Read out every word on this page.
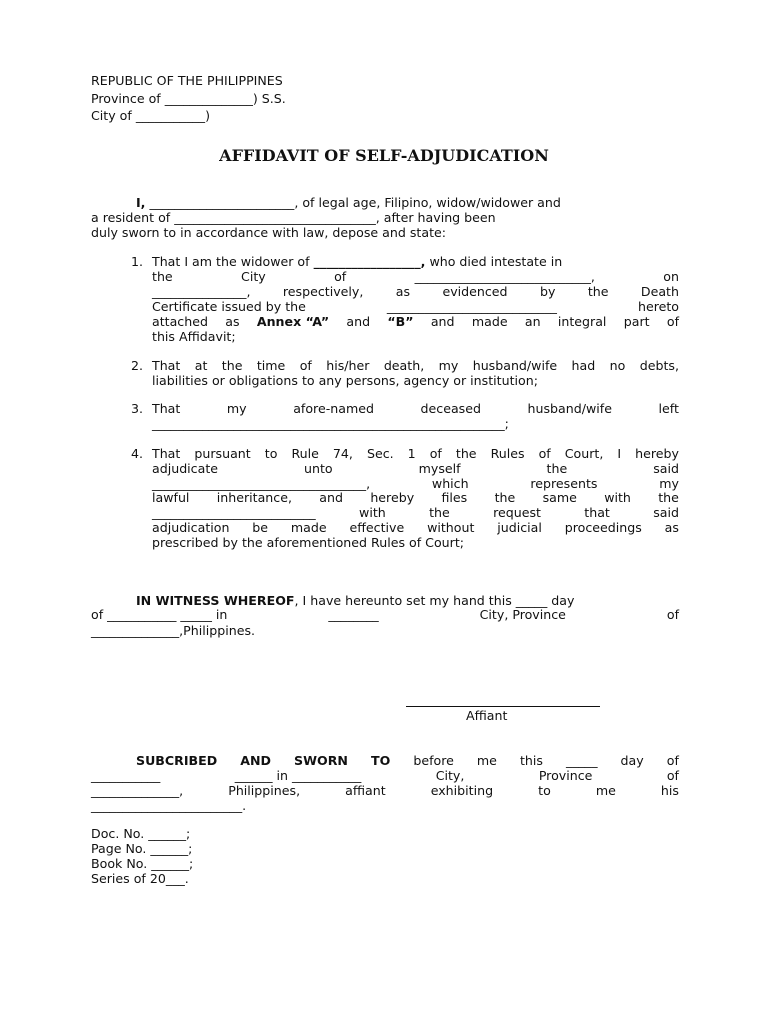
REPUBLIC OF THE PHILIPPINES
Province of ______________) S.S.
City of ___________)
AFFIDAVIT OF SELF-ADJUDICATION
I, _______________________, of legal age, Filipino, widow/widower and
a resident of ________________________________, after having been
duly sworn to in accordance with law, depose and state:
1. That I am the widower of _________________, who died intestate in
the	City	of	____________________________,	on
_______________,	respectively,	as	evidenced	by	the	Death
Certificate issued by the	___________________________	hereto
attached as Annex “A” and “B” and made an integral part of
this Affidavit;
2. That at the time of his/her death, my husband/wife had no debts,
liabilities or obligations to any persons, agency or institution;
3. That	my	afore-named	deceased	husband/wife	left
________________________________________________________;
4. That pursuant to Rule 74, Sec. 1 of the Rules of Court, I hereby
adjudicate	unto	myself	the	said
__________________________________,	which	represents	my
lawful inheritance, and hereby files the same with the
__________________________	with	the	request	that	said
adjudication be made effective without judicial proceedings as
prescribed by the aforementioned Rules of Court;
IN WITNESS WHEREOF, I have hereunto set my hand this _____ day
of ___________ _____ in	________	City, Province	of
______________,Philippines.
Affiant
SUBCRIBED AND SWORN TO before me this _____ day of
___________	______ in ___________	City,	Province	of
______________,	Philippines,	affiant	exhibiting	to	me	his
________________________.
Doc. No. ______;
Page No. ______;
Book No. ______;
Series of 20___.
